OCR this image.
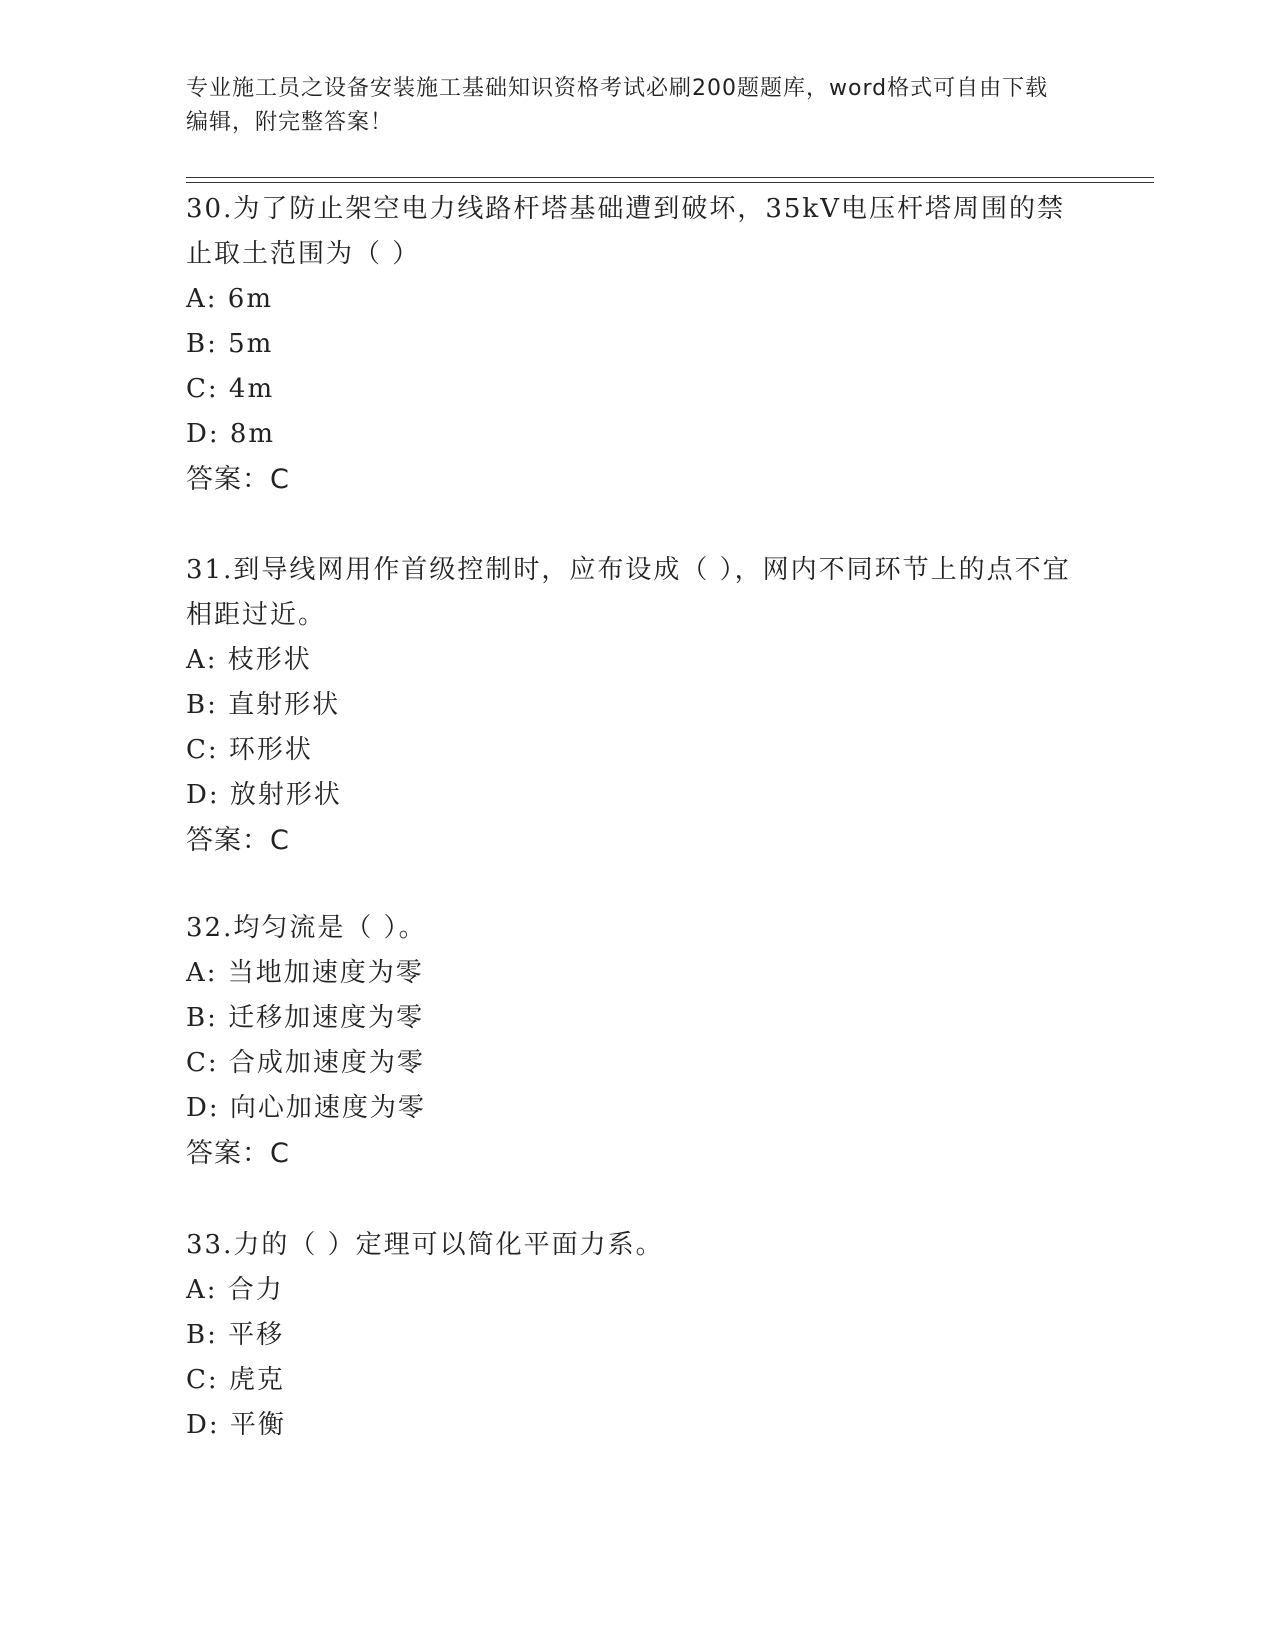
专业施工员之设备安装施工基础知识资格考试必刷200题题库，word格式可自由下载编辑，附完整答案！

30.为了防止架空电力线路杆塔基础遭到破坏，35kV电压杆塔周围的禁止取土范围为（ ）

A: 6m

B: 5m

C: 4m

D: 8m

答案：C

31.到导线网用作首级控制时，应布设成（ ），网内不同环节上的点不宜相距过近。

A: 枝形状

B: 直射形状

C: 环形状

D: 放射形状

答案：C

32.均匀流是（ ）。

A: 当地加速度为零

B: 迁移加速度为零

C: 合成加速度为零

D: 向心加速度为零

答案：C

33.力的（ ）定理可以简化平面力系。

A: 合力

B: 平移

C: 虎克

D: 平衡
